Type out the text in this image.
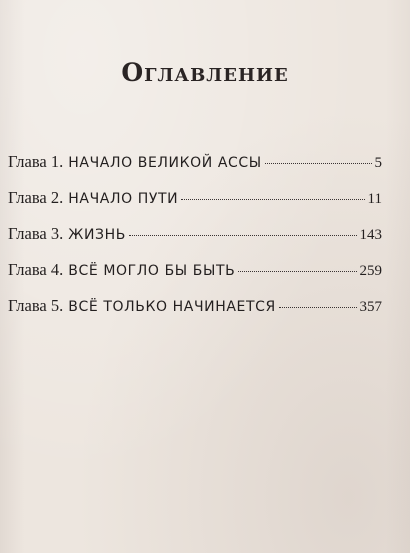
Оглавление
Глава 1. НАЧАЛО ВЕЛИКОЙ АССЫ	5
Глава 2. НАЧАЛО ПУТИ	11
Глава 3. ЖИЗНЬ	143
Глава 4. ВСЁ МОГЛО БЫ БЫТЬ	259
Глава 5. ВСЁ ТОЛЬКО НАЧИНАЕТСЯ	357
